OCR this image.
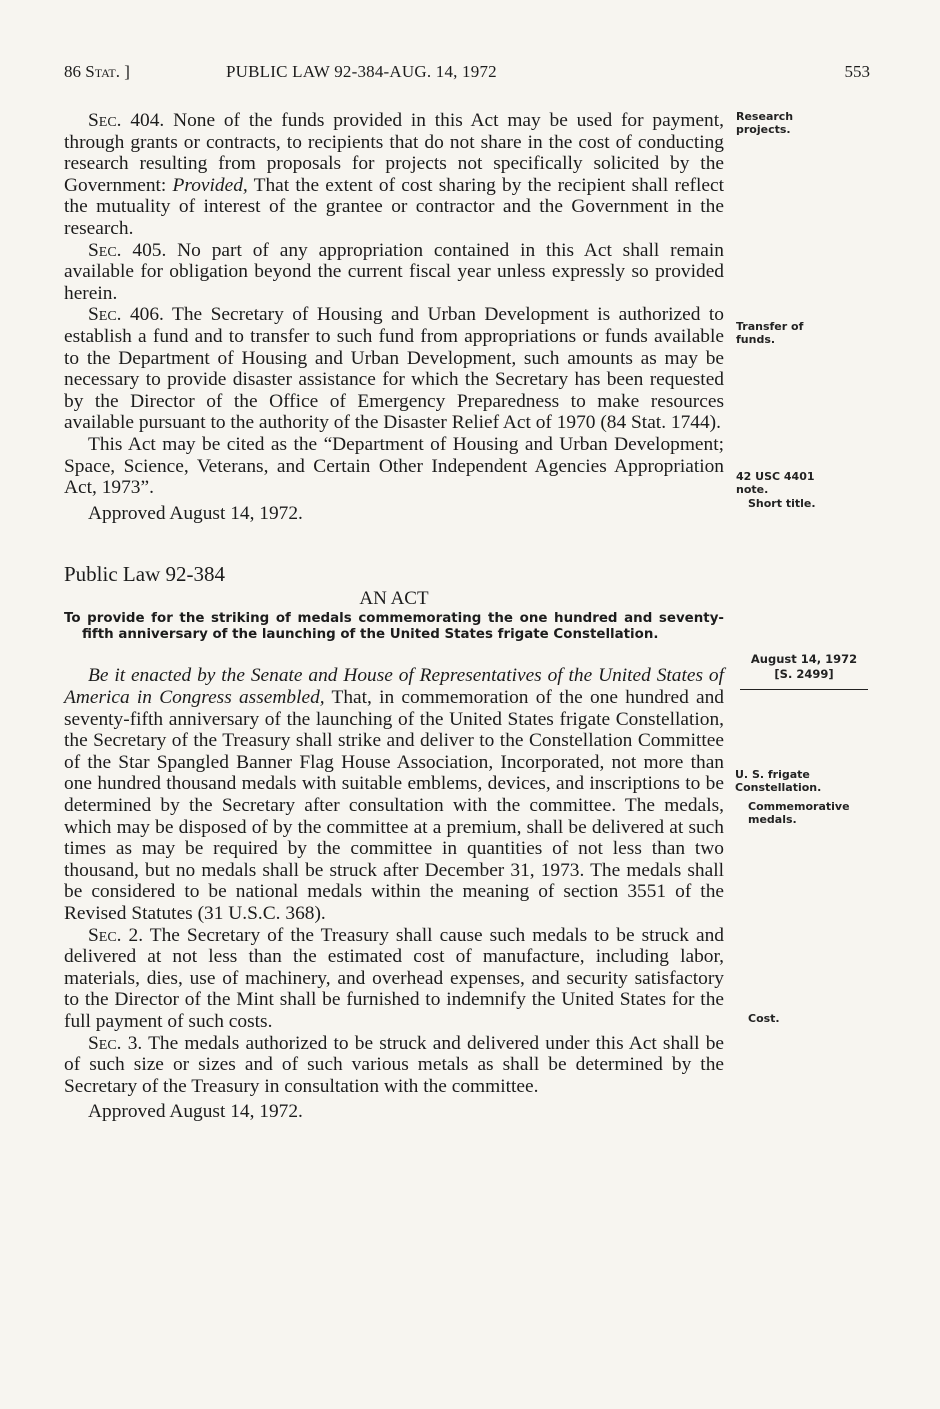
86 Stat. ]	PUBLIC LAW 92-384-AUG. 14, 1972	553

Sec. 404. None of the funds provided in this Act may be used for payment, through grants or contracts, to recipients that do not share in the cost of conducting research resulting from proposals for projects not specifically solicited by the Government: Provided, That the extent of cost sharing by the recipient shall reflect the mutuality of interest of the grantee or contractor and the Government in the research.

Sec. 405. No part of any appropriation contained in this Act shall remain available for obligation beyond the current fiscal year unless expressly so provided herein.

Sec. 406. The Secretary of Housing and Urban Development is authorized to establish a fund and to transfer to such fund from appropriations or funds available to the Department of Housing and Urban Development, such amounts as may be necessary to provide disaster assistance for which the Secretary has been requested by the Director of the Office of Emergency Preparedness to make resources available pursuant to the authority of the Disaster Relief Act of 1970 (84 Stat. 1744).

This Act may be cited as the “Department of Housing and Urban Development; Space, Science, Veterans, and Certain Other Independent Agencies Appropriation Act, 1973”.

Approved August 14, 1972.

Public Law 92-384
AN ACT
To provide for the striking of medals commemorating the one hundred and seventy-fifth anniversary of the launching of the United States frigate Constellation.

Be it enacted by the Senate and House of Representatives of the United States of America in Congress assembled, That, in commemoration of the one hundred and seventy-fifth anniversary of the launching of the United States frigate Constellation, the Secretary of the Treasury shall strike and deliver to the Constellation Committee of the Star Spangled Banner Flag House Association, Incorporated, not more than one hundred thousand medals with suitable emblems, devices, and inscriptions to be determined by the Secretary after consultation with the committee. The medals, which may be disposed of by the committee at a premium, shall be delivered at such times as may be required by the committee in quantities of not less than two thousand, but no medals shall be struck after December 31, 1973. The medals shall be considered to be national medals within the meaning of section 3551 of the Revised Statutes (31 U.S.C. 368).

Sec. 2. The Secretary of the Treasury shall cause such medals to be struck and delivered at not less than the estimated cost of manufacture, including labor, materials, dies, use of machinery, and overhead expenses, and security satisfactory to the Director of the Mint shall be furnished to indemnify the United States for the full payment of such costs.

Sec. 3. The medals authorized to be struck and delivered under this Act shall be of such size or sizes and of such various metals as shall be determined by the Secretary of the Treasury in consultation with the committee.

Approved August 14, 1972.

Research projects.
Transfer of funds.
42 USC 4401 note.
Short title.
August 14, 1972
[S. 2499]
U. S. frigate Constellation.
Commemorative medals.
Cost.
